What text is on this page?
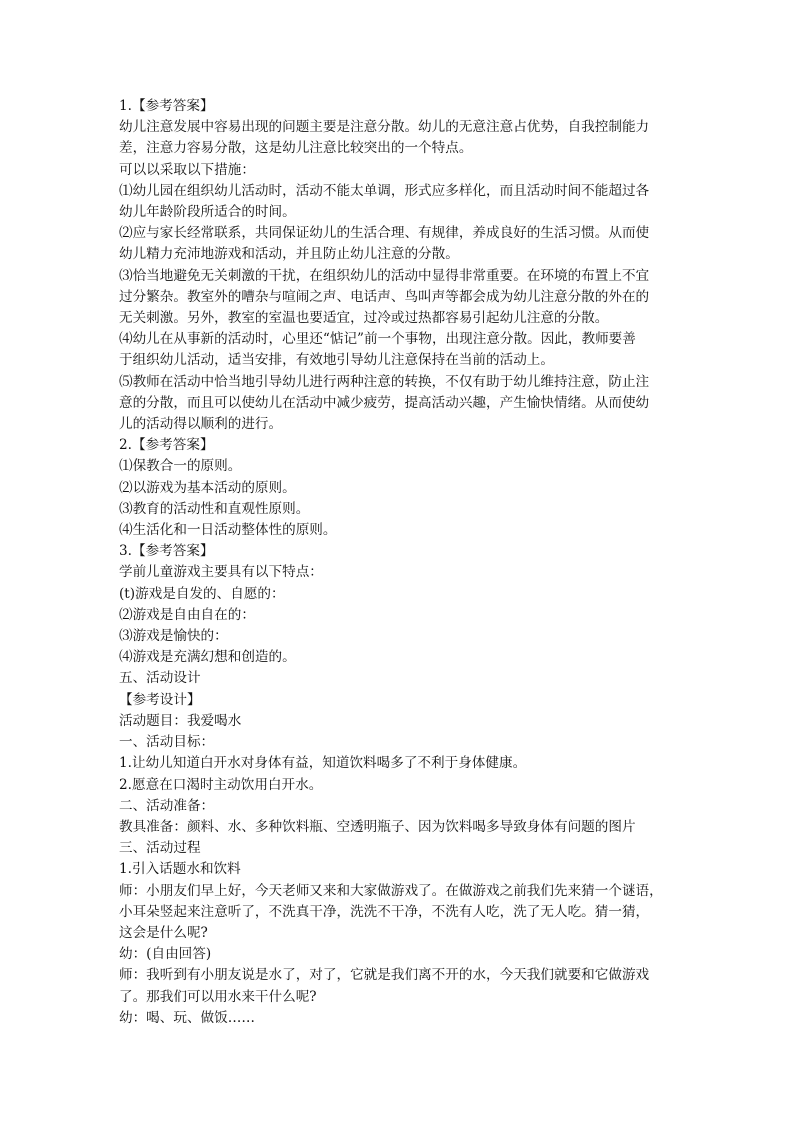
1.【参考答案】
幼儿注意发展中容易出现的问题主要是注意分散。幼儿的无意注意占优势，自我控制能力
差，注意力容易分散，这是幼儿注意比较突出的一个特点。
可以以采取以下措施：
⑴幼儿园在组织幼儿活动时，活动不能太单调，形式应多样化，而且活动时间不能超过各
幼儿年龄阶段所适合的时间。
⑵应与家长经常联系，共同保证幼儿的生活合理、有规律，养成良好的生活习惯。从而使
幼儿精力充沛地游戏和活动，并且防止幼儿注意的分散。
⑶恰当地避免无关刺激的干扰，在组织幼儿的活动中显得非常重要。在环境的布置上不宜
过分繁杂。教室外的嘈杂与喧闹之声、电话声、鸟叫声等都会成为幼儿注意分散的外在的
无关刺激。另外，教室的室温也要适宜，过冷或过热都容易引起幼儿注意的分散。
⑷幼儿在从事新的活动时，心里还“惦记”前一个事物，出现注意分散。因此，教师要善
于组织幼儿活动，适当安排，有效地引导幼儿注意保持在当前的活动上。
⑸教师在活动中恰当地引导幼儿进行两种注意的转换，不仅有助于幼儿维持注意，防止注
意的分散，而且可以使幼儿在活动中减少疲劳，提高活动兴趣，产生愉快情绪。从而使幼
儿的活动得以顺利的进行。
2.【参考答案】
⑴保教合一的原则。
⑵以游戏为基本活动的原则。
⑶教育的活动性和直观性原则。
⑷生活化和一日活动整体性的原则。
3.【参考答案】
学前儿童游戏主要具有以下特点：
(t)游戏是自发的、自愿的：
⑵游戏是自由自在的：
⑶游戏是愉快的：
⑷游戏是充满幻想和创造的。
五、活动设计
【参考设计】
活动题目：我爱喝水
一、活动目标：
1.让幼儿知道白开水对身体有益，知道饮料喝多了不利于身体健康。
2.愿意在口渴时主动饮用白开水。
二、活动准备：
教具准备：颜料、水、多种饮料瓶、空透明瓶子、因为饮料喝多导致身体有问题的图片
三、活动过程
1.引入话题水和饮料
师：小朋友们早上好，今天老师又来和大家做游戏了。在做游戏之前我们先来猜一个谜语，
小耳朵竖起来注意听了，不洗真干净，洗洗不干净，不洗有人吃，洗了无人吃。猜一猜，
这会是什么呢?
幼：(自由回答)
师：我听到有小朋友说是水了，对了，它就是我们离不开的水，今天我们就要和它做游戏
了。那我们可以用水来干什么呢?
幼：喝、玩、做饭……
